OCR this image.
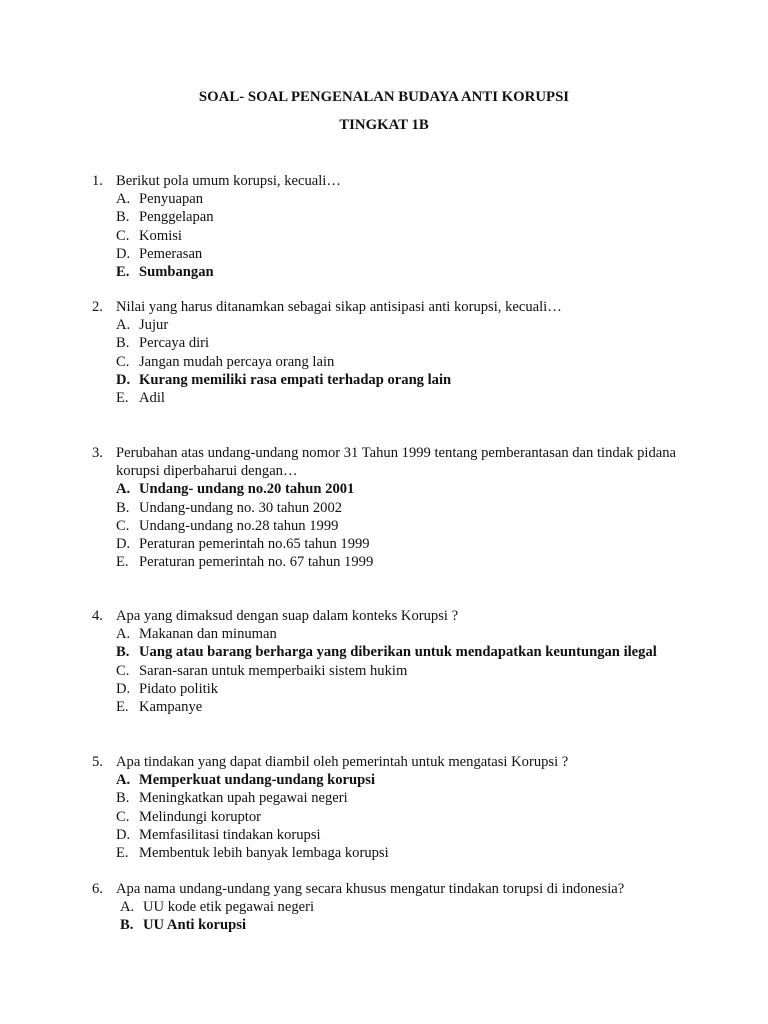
SOAL- SOAL PENGENALAN BUDAYA ANTI KORUPSI
TINGKAT 1B
1. Berikut pola umum korupsi, kecuali…
A. Penyuapan
B. Penggelapan
C. Komisi
D. Pemerasan
E. Sumbangan
2. Nilai yang harus ditanamkan sebagai sikap antisipasi anti korupsi, kecuali…
A. Jujur
B. Percaya diri
C. Jangan mudah percaya orang lain
D. Kurang memiliki rasa empati terhadap orang lain
E. Adil
3. Perubahan atas undang-undang nomor 31 Tahun 1999 tentang pemberantasan dan tindak pidana korupsi diperbaharui dengan…
A. Undang- undang no.20 tahun 2001
B. Undang-undang no. 30 tahun 2002
C. Undang-undang no.28 tahun 1999
D. Peraturan pemerintah no.65 tahun 1999
E. Peraturan pemerintah no. 67 tahun 1999
4. Apa yang dimaksud dengan suap dalam konteks Korupsi ?
A. Makanan dan minuman
B. Uang atau barang berharga yang diberikan untuk mendapatkan keuntungan ilegal
C. Saran-saran untuk memperbaiki sistem hukim
D. Pidato politik
E. Kampanye
5. Apa tindakan yang dapat diambil oleh pemerintah untuk mengatasi Korupsi ?
A. Memperkuat undang-undang korupsi
B. Meningkatkan upah pegawai negeri
C. Melindungi koruptor
D. Memfasilitasi tindakan korupsi
E. Membentuk lebih banyak lembaga korupsi
6. Apa nama undang-undang yang secara khusus mengatur tindakan torupsi di indonesia?
A. UU kode etik pegawai negeri
B. UU Anti korupsi
